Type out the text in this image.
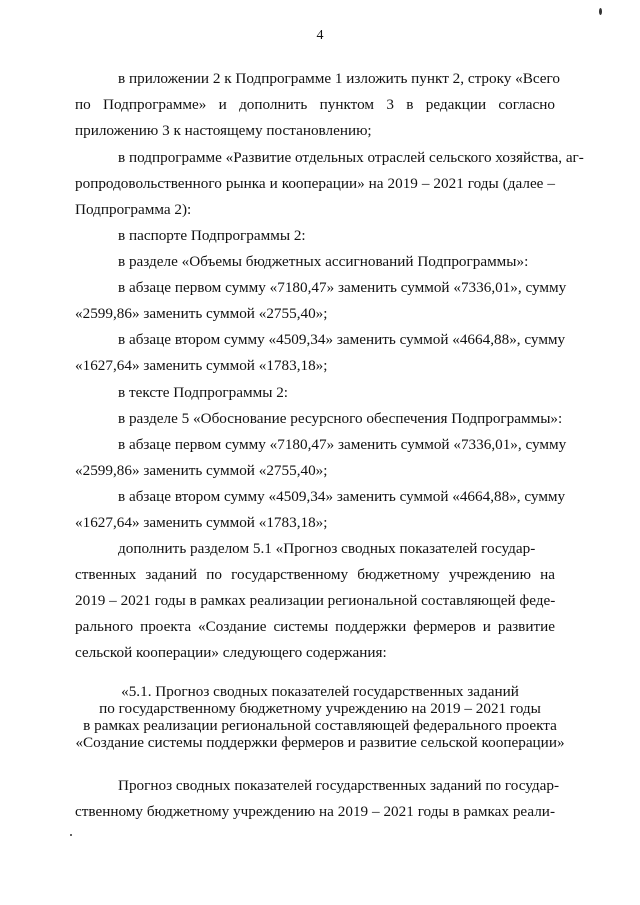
4

в приложении 2 к Подпрограмме 1 изложить пункт 2, строку «Всего

по Подпрограмме» и дополнить пунктом 3 в редакции согласно

приложению 3 к настоящему постановлению;

в подпрограмме «Развитие отдельных отраслей сельского хозяйства, аг-

ропродовольственного рынка и кооперации» на 2019 – 2021 годы (далее –

Подпрограмма 2):

в паспорте Подпрограммы 2:

в разделе «Объемы бюджетных ассигнований Подпрограммы»:

в абзаце первом сумму «7180,47» заменить суммой «7336,01», сумму

«2599,86» заменить суммой «2755,40»;

в абзаце втором сумму «4509,34» заменить суммой «4664,88», сумму

«1627,64» заменить суммой «1783,18»;

в тексте Подпрограммы 2:

в разделе 5 «Обоснование ресурсного обеспечения Подпрограммы»:

в абзаце первом сумму «7180,47» заменить суммой «7336,01», сумму

«2599,86» заменить суммой «2755,40»;

в абзаце втором сумму «4509,34» заменить суммой «4664,88», сумму

«1627,64» заменить суммой «1783,18»;

дополнить разделом 5.1 «Прогноз сводных показателей государ-

ственных заданий по государственному бюджетному учреждению на

2019 – 2021 годы в рамках реализации региональной составляющей феде-

рального проекта «Создание системы поддержки фермеров и развитие

сельской кооперации» следующего содержания:

«5.1. Прогноз сводных показателей государственных заданий

по государственному бюджетному учреждению на 2019 – 2021 годы

в рамках реализации региональной составляющей федерального проекта

«Создание системы поддержки фермеров и развитие сельской кооперации»

Прогноз сводных показателей государственных заданий по государ-

ственному бюджетному учреждению на 2019 – 2021 годы в рамках реали-
